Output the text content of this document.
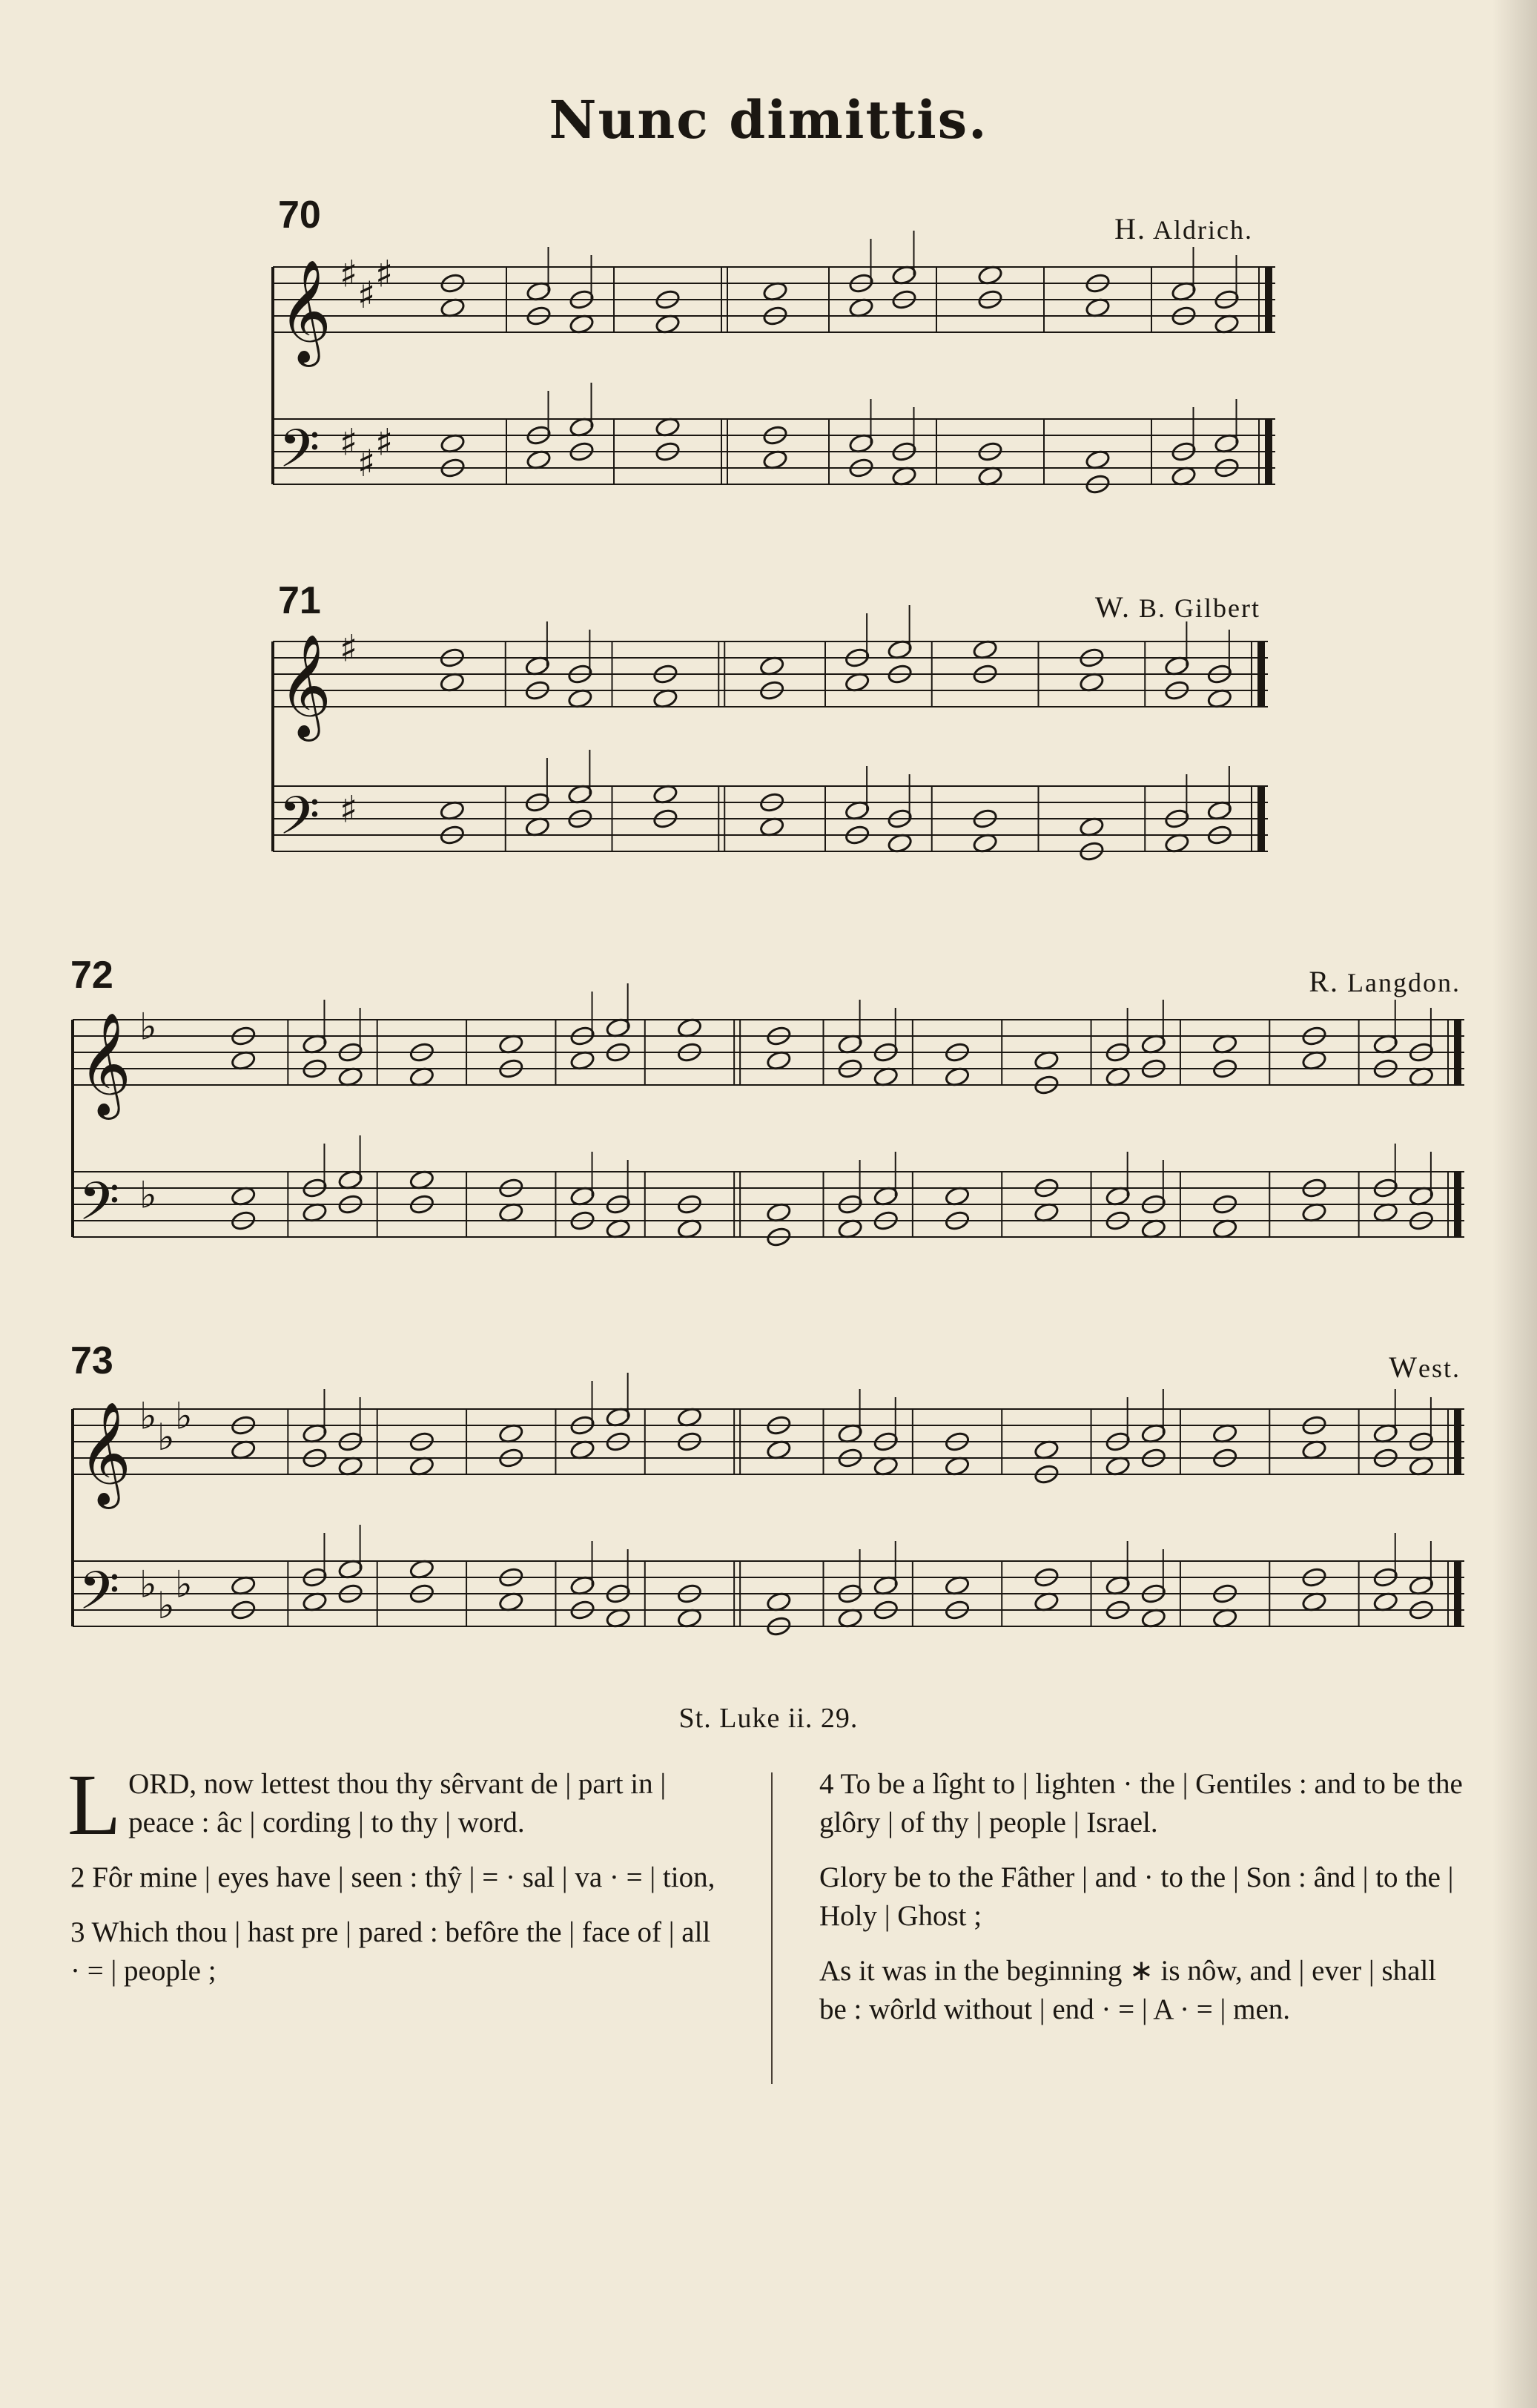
Nunc dimittis.
70	H. Aldrich.
𝄞 ♯ ♯ ♯
𝄢 ♯ ♯ ♯
71	W. B. Gilbert
𝄞 ♯
𝄢 ♯
72	R. Langdon.
𝄞 ♭
𝄢 ♭
73	West.
𝄞 ♭ ♭ ♭
𝄢 ♭ ♭ ♭
St. Luke ii. 29.
LORD, now lettest thou thy sêrvant de | part in | peace : âc | cording | to thy | word.
2 Fôr mine | eyes have | seen : thŷ | = · sal | va · = | tion,
3 Which thou | hast pre | pared : befôre the | face of | all · = | people ;
4 To be a lîght to | lighten · the | Gentiles : and to be the glôry | of thy | people | Israel.
Glory be to the Fâther | and · to the | Son : ând | to the | Holy | Ghost ;
As it was in the beginning ∗ is nôw, and | ever | shall be : wôrld without | end · = | A · = | men.
